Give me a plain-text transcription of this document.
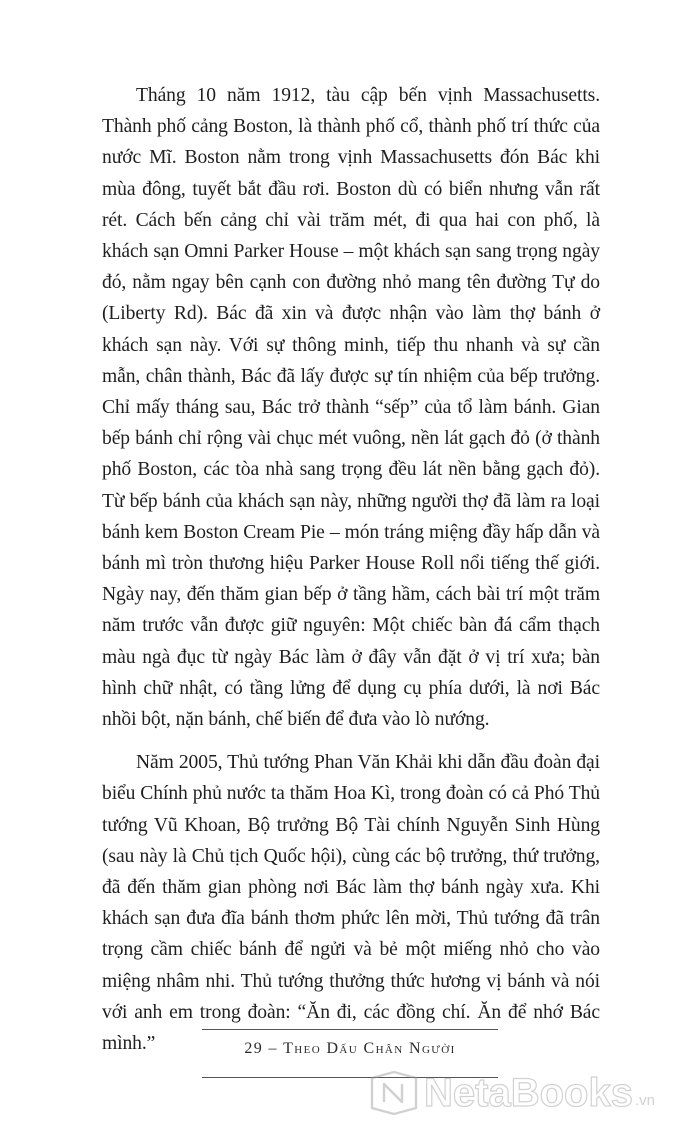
Tháng 10 năm 1912, tàu cập bến vịnh Massachusetts. Thành phố cảng Boston, là thành phố cổ, thành phố trí thức của nước Mĩ. Boston nằm trong vịnh Massachusetts đón Bác khi mùa đông, tuyết bắt đầu rơi. Boston dù có biển nhưng vẫn rất rét. Cách bến cảng chỉ vài trăm mét, đi qua hai con phố, là khách sạn Omni Parker House – một khách sạn sang trọng ngày đó, nằm ngay bên cạnh con đường nhỏ mang tên đường Tự do (Liberty Rd). Bác đã xin và được nhận vào làm thợ bánh ở khách sạn này. Với sự thông minh, tiếp thu nhanh và sự cần mẫn, chân thành, Bác đã lấy được sự tín nhiệm của bếp trưởng. Chỉ mấy tháng sau, Bác trở thành “sếp” của tổ làm bánh. Gian bếp bánh chỉ rộng vài chục mét vuông, nền lát gạch đỏ (ở thành phố Boston, các tòa nhà sang trọng đều lát nền bằng gạch đỏ). Từ bếp bánh của khách sạn này, những người thợ đã làm ra loại bánh kem Boston Cream Pie – món tráng miệng đầy hấp dẫn và bánh mì tròn thương hiệu Parker House Roll nổi tiếng thế giới. Ngày nay, đến thăm gian bếp ở tầng hầm, cách bài trí một trăm năm trước vẫn được giữ nguyên: Một chiếc bàn đá cẩm thạch màu ngà đục từ ngày Bác làm ở đây vẫn đặt ở vị trí xưa; bàn hình chữ nhật, có tầng lửng để dụng cụ phía dưới, là nơi Bác nhồi bột, nặn bánh, chế biến để đưa vào lò nướng.

Năm 2005, Thủ tướng Phan Văn Khải khi dẫn đầu đoàn đại biểu Chính phủ nước ta thăm Hoa Kì, trong đoàn có cả Phó Thủ tướng Vũ Khoan, Bộ trưởng Bộ Tài chính Nguyễn Sinh Hùng (sau này là Chủ tịch Quốc hội), cùng các bộ trưởng, thứ trưởng, đã đến thăm gian phòng nơi Bác làm thợ bánh ngày xưa. Khi khách sạn đưa đĩa bánh thơm phức lên mời, Thủ tướng đã trân trọng cầm chiếc bánh để ngửi và bẻ một miếng nhỏ cho vào miệng nhâm nhi. Thủ tướng thưởng thức hương vị bánh và nói với anh em trong đoàn: “Ăn đi, các đồng chí. Ăn để nhớ Bác mình.”	29 – Theo Dấu Chân Người
NetaBooks .vn
